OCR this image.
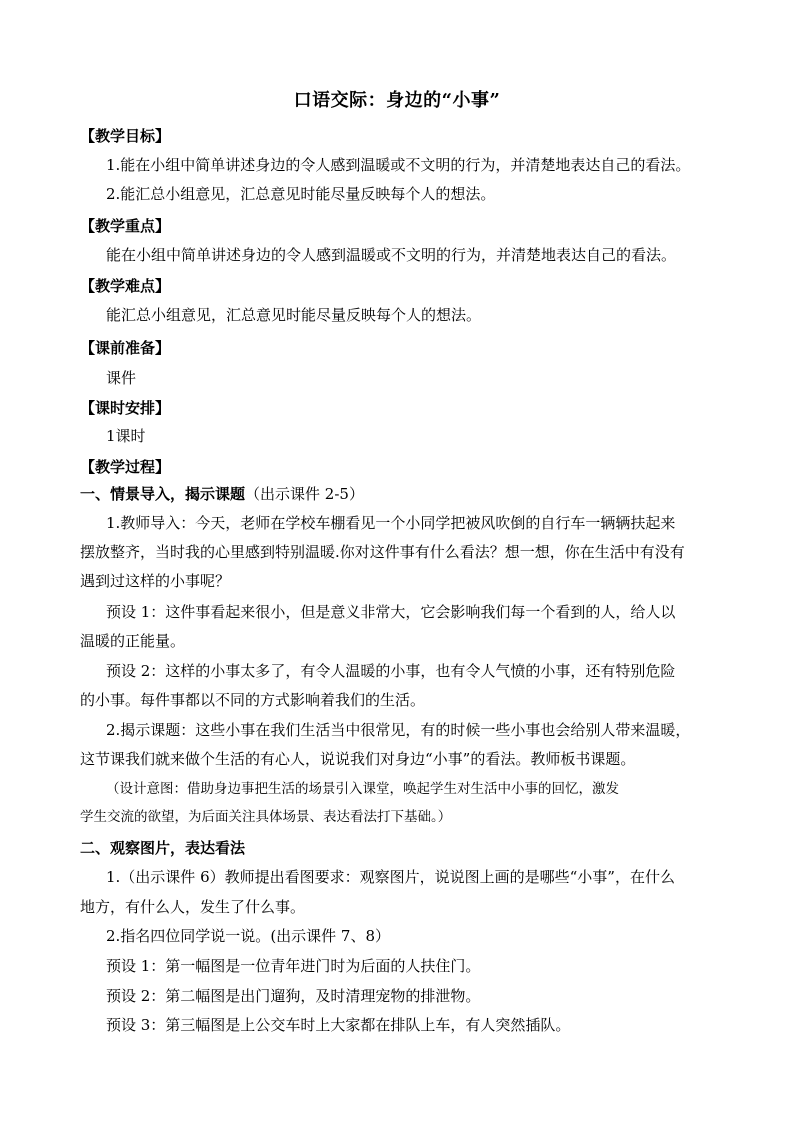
口语交际：身边的“小事”
【教学目标】
1.能在小组中简单讲述身边的令人感到温暖或不文明的行为，并清楚地表达自己的看法。
2.能汇总小组意见，汇总意见时能尽量反映每个人的想法。
【教学重点】
能在小组中简单讲述身边的令人感到温暖或不文明的行为，并清楚地表达自己的看法。
【教学难点】
能汇总小组意见，汇总意见时能尽量反映每个人的想法。
【课前准备】
课件
【课时安排】
1课时
【教学过程】
一、情景导入，揭示课题（出示课件 2-5）
1.教师导入：今天，老师在学校车棚看见一个小同学把被风吹倒的自行车一辆辆扶起来
摆放整齐，当时我的心里感到特别温暖.你对这件事有什么看法？想一想，你在生活中有没有
遇到过这样的小事呢？
预设 1：这件事看起来很小，但是意义非常大，它会影响我们每一个看到的人，给人以
温暖的正能量。
预设 2：这样的小事太多了，有令人温暖的小事，也有令人气愤的小事，还有特别危险
的小事。每件事都以不同的方式影响着我们的生活。
2.揭示课题：这些小事在我们生活当中很常见，有的时候一些小事也会给别人带来温暖，
这节课我们就来做个生活的有心人，说说我们对身边“小事”的看法。教师板书课题。
（设计意图：借助身边事把生活的场景引入课堂，唤起学生对生活中小事的回忆，激发
学生交流的欲望，为后面关注具体场景、表达看法打下基础。）
二、观察图片，表达看法
1.（出示课件 6）教师提出看图要求：观察图片，说说图上画的是哪些“小事”，在什么
地方，有什么人，发生了什么事。
2.指名四位同学说一说。(出示课件 7、8）
预设 1：第一幅图是一位青年进门时为后面的人扶住门。
预设 2：第二幅图是出门遛狗，及时清理宠物的排泄物。
预设 3：第三幅图是上公交车时上大家都在排队上车，有人突然插队。
